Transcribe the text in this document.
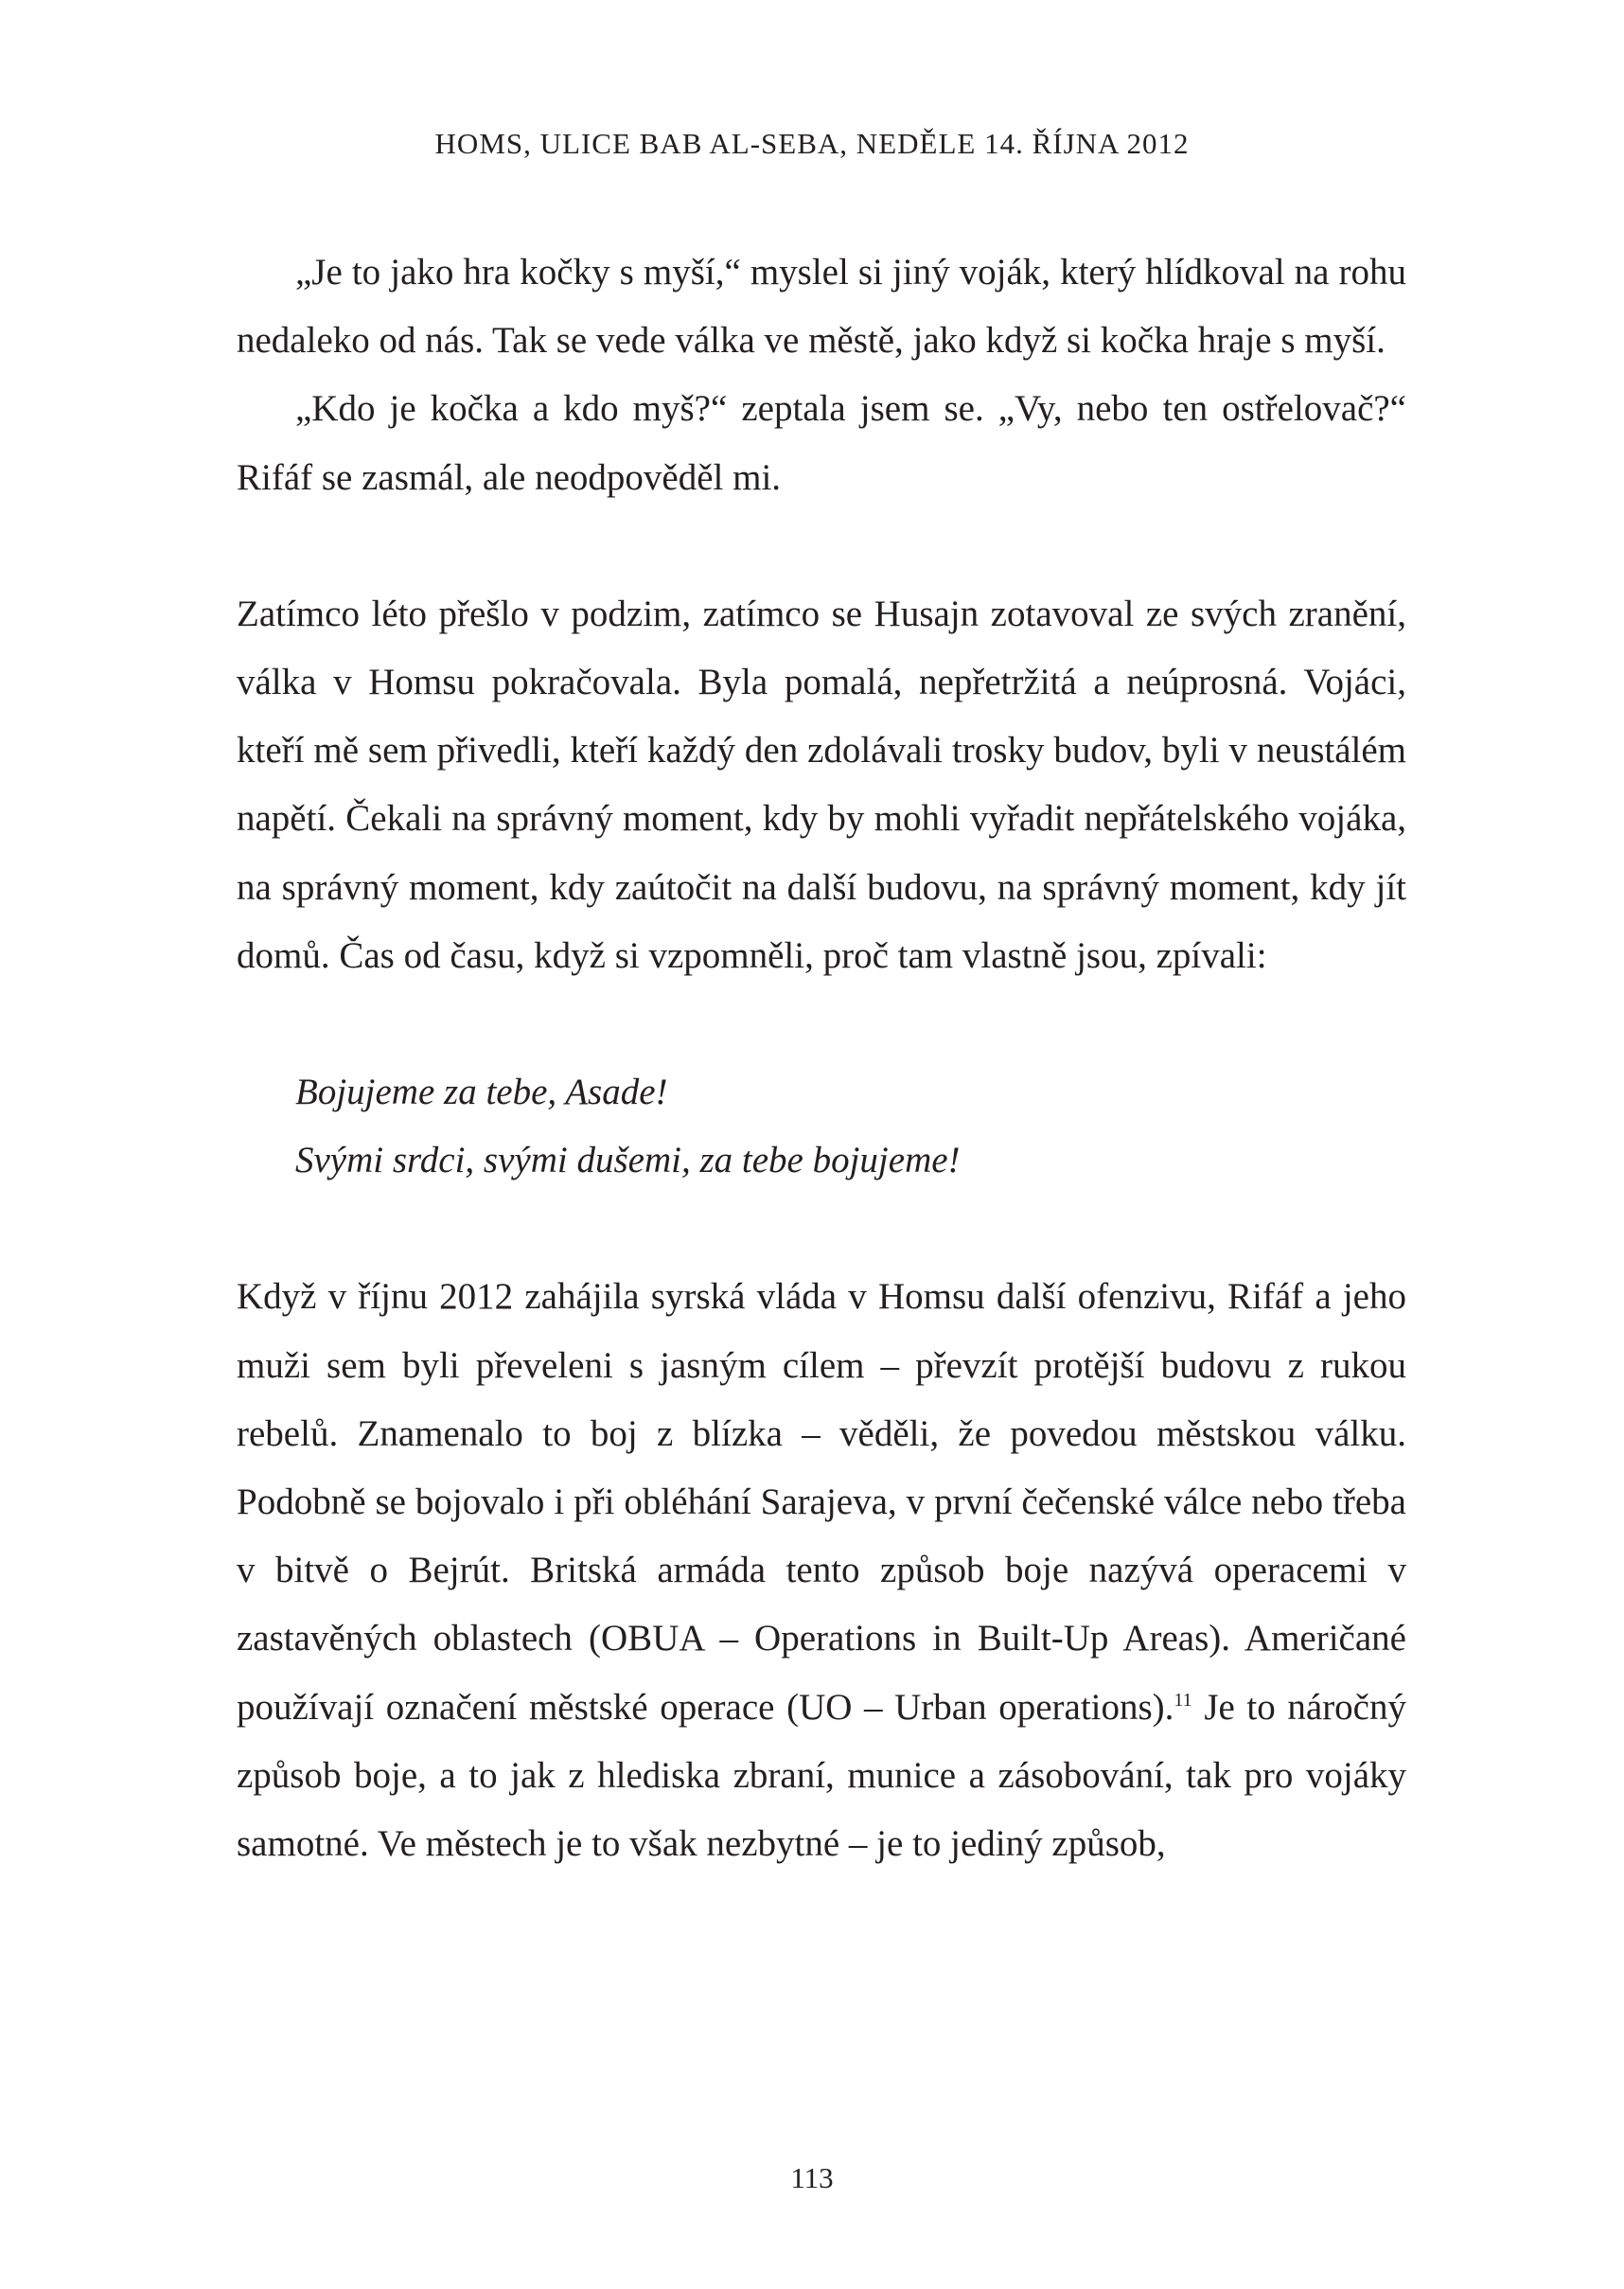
HOMS, ULICE BAB AL-SEBA, NEDĚLE 14. ŘÍJNA 2012

„Je to jako hra kočky s myší,“ myslel si jiný voják, který hlídkoval na rohu nedaleko od nás. Tak se vede válka ve městě, jako když si kočka hraje s myší.

„Kdo je kočka a kdo myš?“ zeptala jsem se. „Vy, nebo ten ostřelovač?“ Rifáf se zasmál, ale neodpověděl mi.

Zatímco léto přešlo v podzim, zatímco se Husajn zotavoval ze svých zranění, válka v Homsu pokračovala. Byla pomalá, nepřetržitá a neúprosná. Vojáci, kteří mě sem přivedli, kteří každý den zdolávali trosky budov, byli v neustálém napětí. Čekali na správný moment, kdy by mohli vyřadit nepřátelského vojáka, na správný moment, kdy zaútočit na další budovu, na správný moment, kdy jít domů. Čas od času, když si vzpomněli, proč tam vlastně jsou, zpívali:

Bojujeme za tebe, Asade!
Svými srdci, svými dušemi, za tebe bojujeme!

Když v říjnu 2012 zahájila syrská vláda v Homsu další ofenzivu, Rifáf a jeho muži sem byli převeleni s jasným cílem – převzít protější budovu z rukou rebelů. Znamenalo to boj z blízka – věděli, že povedou městskou válku. Podobně se bojovalo i při obléhání Sarajeva, v první čečenské válce nebo třeba v bitvě o Bejrút. Britská armáda tento způsob boje nazývá operacemi v zastavěných oblastech (OBUA – Operations in Built-Up Areas). Američané používají označení městské operace (UO – Urban operations).$^{11}$ Je to náročný způsob boje, a to jak z hlediska zbraní, munice a zásobování, tak pro vojáky samotné. Ve městech je to však nezbytné – je to jediný způsob,

113
